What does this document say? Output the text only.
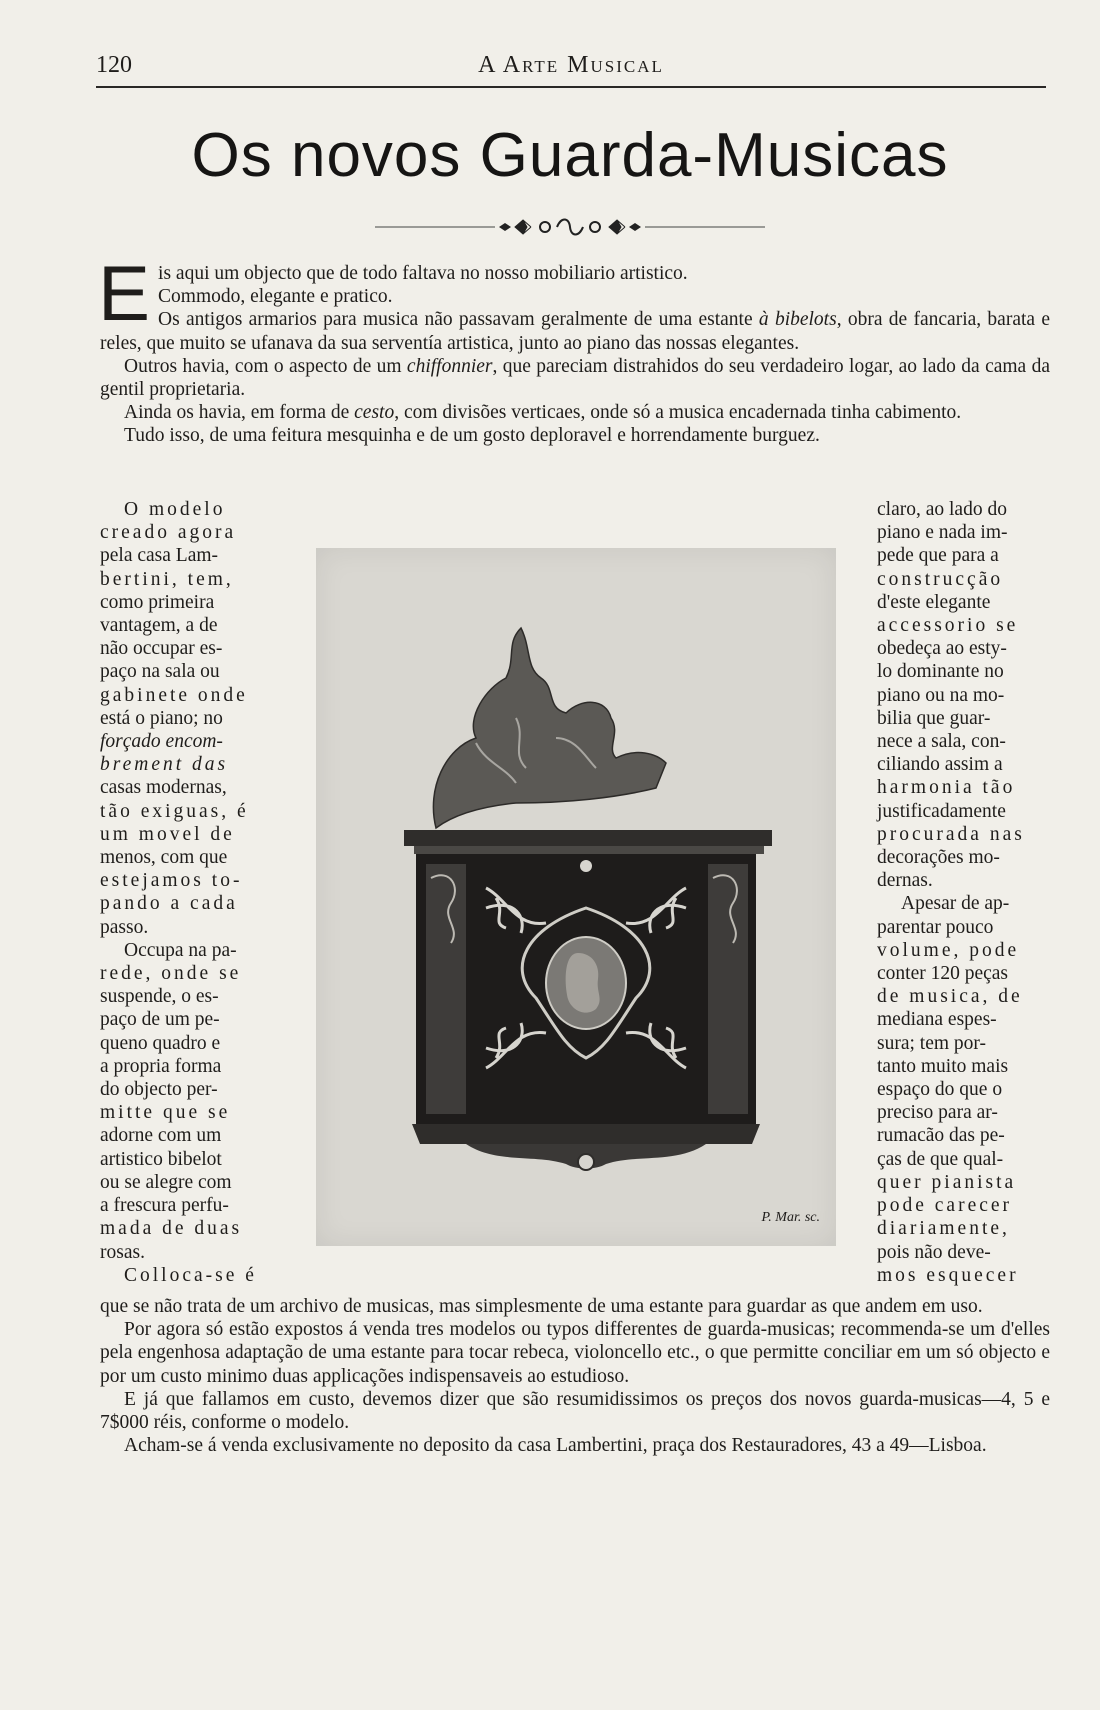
120	A Arte Musical
Os novos Guarda-Musicas
E is aqui um objecto que de todo faltava no nosso mobiliario artistico.

Commodo, elegante e pratico.

Os antigos armarios para musica não passavam geralmente de uma estante à bibelots, obra de fancaria, barata e reles, que muito se ufanava da sua serventía artistica, junto ao piano das nossas elegantes.

Outros havia, com o aspecto de um chiffonnier, que pareciam distrahidos do seu verdadeiro logar, ao lado da cama da gentil proprietaria.

Ainda os havia, em forma de cesto, com divisões verticaes, onde só a musica encadernada tinha cabimento.

Tudo isso, de uma feitura mesquinha e de um gosto deploravel e horrendamente burguez.

O modelo
creado agora
pela casa Lam-
bertini, tem,
como primeira
vantagem, a de
não occupar es-
paço na sala ou
gabinete onde
está o piano; no
forçado encom-
brement das
casas modernas,
tão exiguas, é
um movel de
menos, com que
estejamos to-
pando a cada
passo.
Occupa na pa-
rede, onde se
suspende, o es-
paço de um pe-
queno quadro e
a propria forma
do objecto per-
mitte que se
adorne com um
artistico bibelot
ou se alegre com
a frescura perfu-
mada de duas
rosas.
Colloca-se é
claro, ao lado do
piano e nada im-
pede que para a
construcção
d'este elegante
accessorio se
obedeça ao esty-
lo dominante no
piano ou na mo-
bilia que guar-
nece a sala, con-
ciliando assim a
harmonia tão
justificadamente
procurada nas
decorações mo-
dernas.
Apesar de ap-
parentar pouco
volume, pode
conter 120 peças
de musica, de
mediana espes-
sura; tem por-
tanto muito mais
espaço do que o
preciso para ar-
rumacão das pe-
ças de que qual-
quer pianista
pode carecer
diariamente,
pois não deve-
mos esquecer
P. Mar. sc.

que se não trata de um archivo de musicas, mas simplesmente de uma estante para guardar as que andem em uso.

Por agora só estão expostos á venda tres modelos ou typos differentes de guarda-musicas; recommenda-se um d'elles pela engenhosa adaptação de uma estante para tocar rebeca, violoncello etc., o que permitte conciliar em um só objecto e por um custo minimo duas applicações indispensaveis ao estudioso.

E já que fallamos em custo, devemos dizer que são resumidissimos os preços dos novos guarda-musicas—4, 5 e 7$000 réis, conforme o modelo.

Acham-se á venda exclusivamente no deposito da casa Lambertini, praça dos Restauradores, 43 a 49—Lisboa.
